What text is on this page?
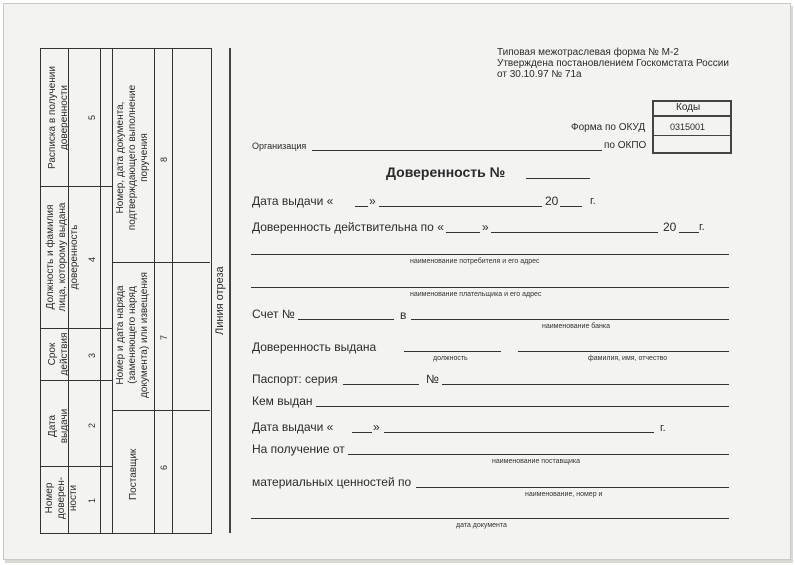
Номер доверен-ности 1
Дата выдачи 2
Срок действия 3
Должность и фамилия лица, которому выдана доверенность 4
Расписка в получении доверенности 5
Поставщик 6
Номер и дата наряда (заменяющего наряд документа) или извещения 7
Номер, дата документа, подтверждающего выполнение поручения 8
Линия отреза
Типовая межотраслевая форма № М-2
Утверждена постановлением Госкомстата России
от 30.10.97 № 71а
Коды
0315001
Форма по ОКУД
по ОКПО
Организация
Доверенность №
Дата выдачи «	»	20	г.
Доверенность действительна по «	»	20 г.
наименование потребителя и его адрес
наименование плательщика и его адрес
Счет №	в
наименование банка
Доверенность выдана
должность	фамилия, имя, отчество
Паспорт: серия	№
Кем выдан
Дата выдачи «	»	г.
На получение от
наименование поставщика
материальных ценностей по
наименование, номер и
дата документа
